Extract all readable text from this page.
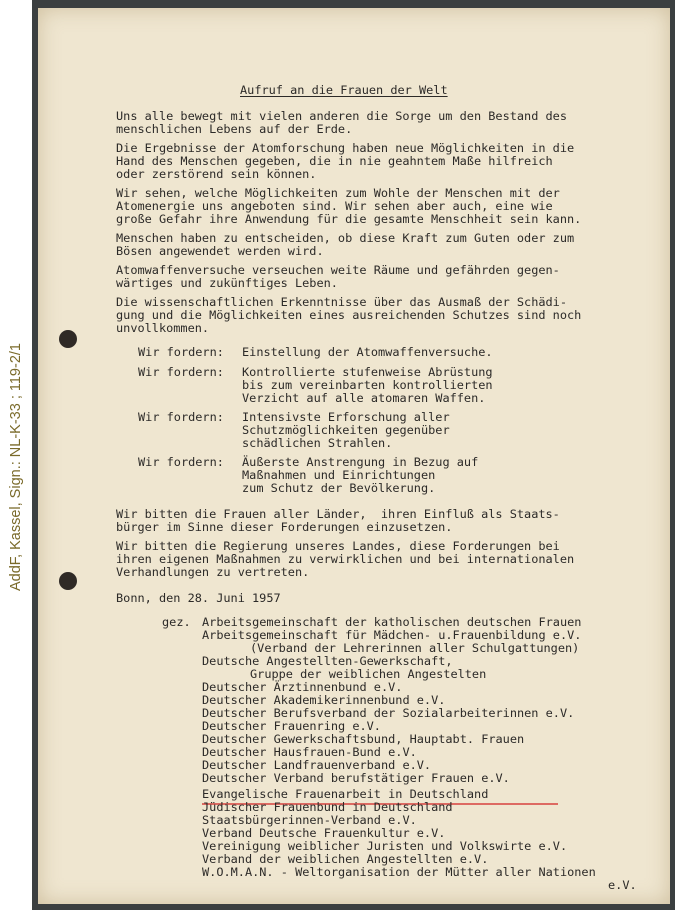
AddF, Kassel, Sign.: NL-K-33 ; 119-2/1
Aufruf an die Frauen der Welt
Uns alle bewegt mit vielen anderen die Sorge um den Bestand des
menschlichen Lebens auf der Erde.
Die Ergebnisse der Atomforschung haben neue Möglichkeiten in die
Hand des Menschen gegeben, die in nie geahntem Maße hilfreich
oder zerstörend sein können.
Wir sehen, welche Möglichkeiten zum Wohle der Menschen mit der
Atomenergie uns angeboten sind. Wir sehen aber auch, eine wie
große Gefahr ihre Anwendung für die gesamte Menschheit sein kann.
Menschen haben zu entscheiden, ob diese Kraft zum Guten oder zum
Bösen angewendet werden wird.
Atomwaffenversuche verseuchen weite Räume und gefährden gegen-
wärtiges und zukünftiges Leben.
Die wissenschaftlichen Erkenntnisse über das Ausmaß der Schädi-
gung und die Möglichkeiten eines ausreichenden Schutzes sind noch
unvollkommen.
Wir fordern: Einstellung der Atomwaffenversuche.
Wir fordern: Kontrollierte stufenweise Abrüstung
bis zum vereinbarten kontrollierten
Verzicht auf alle atomaren Waffen.
Wir fordern: Intensivste Erforschung aller
Schutzmöglichkeiten gegenüber
schädlichen Strahlen.
Wir fordern: Äußerste Anstrengung in Bezug auf
Maßnahmen und Einrichtungen
zum Schutz der Bevölkerung.
Wir bitten die Frauen aller Länder,  ihren Einfluß als Staats-
bürger im Sinne dieser Forderungen einzusetzen.
Wir bitten die Regierung unseres Landes, diese Forderungen bei
ihren eigenen Maßnahmen zu verwirklichen und bei internationalen
Verhandlungen zu vertreten.
Bonn, den 28. Juni 1957
gez. Arbeitsgemeinschaft der katholischen deutschen Frauen
Arbeitsgemeinschaft für Mädchen- u.Frauenbildung e.V.
(Verband der Lehrerinnen aller Schulgattungen)
Deutsche Angestellten-Gewerkschaft,
Gruppe der weiblichen Angestelten
Deutscher Ärztinnenbund e.V.
Deutscher Akademikerinnenbund e.V.
Deutscher Berufsverband der Sozialarbeiterinnen e.V.
Deutscher Frauenring e.V.
Deutscher Gewerkschaftsbund, Hauptabt. Frauen
Deutscher Hausfrauen-Bund e.V.
Deutscher Landfrauenverband e.V.
Deutscher Verband berufstätiger Frauen e.V.
Evangelische Frauenarbeit in Deutschland
Jüdischer Frauenbund in Deutschland
Staatsbürgerinnen-Verband e.V.
Verband Deutsche Frauenkultur e.V.
Vereinigung weiblicher Juristen und Volkswirte e.V.
Verband der weiblichen Angestellten e.V.
W.O.M.A.N. - Weltorganisation der Mütter aller Nationen
e.V.
